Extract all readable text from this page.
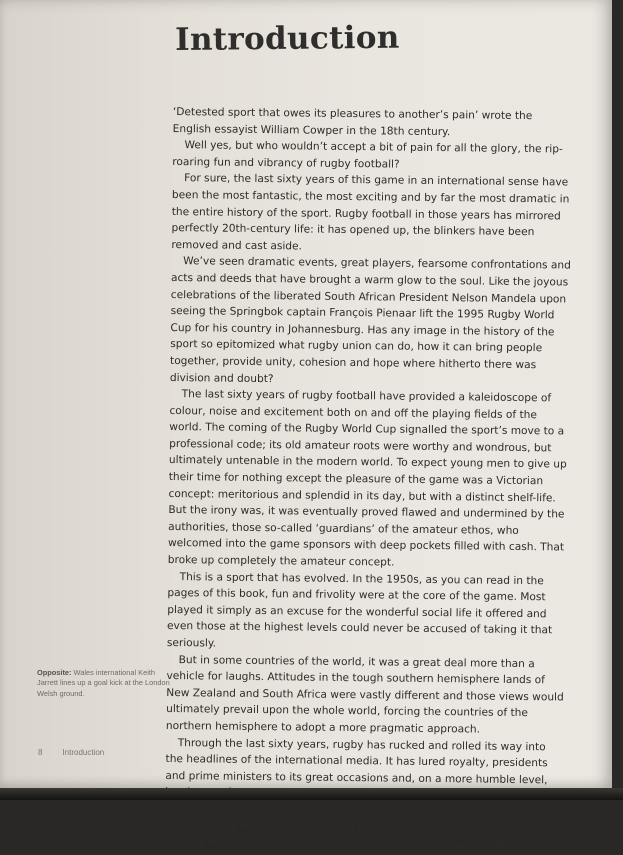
Introduction

‘Detested sport that owes its pleasures to another’s pain’ wrote the English essayist William Cowper in the 18th century.

Well yes, but who wouldn’t accept a bit of pain for all the glory, the rip-roaring fun and vibrancy of rugby football?

For sure, the last sixty years of this game in an international sense have been the most fantastic, the most exciting and by far the most dramatic in the entire history of the sport. Rugby football in those years has mirrored perfectly 20th-century life: it has opened up, the blinkers have been removed and cast aside.

We’ve seen dramatic events, great players, fearsome confrontations and acts and deeds that have brought a warm glow to the soul. Like the joyous celebrations of the liberated South African President Nelson Mandela upon seeing the Springbok captain François Pienaar lift the 1995 Rugby World Cup for his country in Johannesburg. Has any image in the history of the sport so epitomized what rugby union can do, how it can bring people together, provide unity, cohesion and hope where hitherto there was division and doubt?

The last sixty years of rugby football have provided a kaleidoscope of colour, noise and excitement both on and off the playing fields of the world. The coming of the Rugby World Cup signalled the sport’s move to a professional code; its old amateur roots were worthy and wondrous, but ultimately untenable in the modern world. To expect young men to give up their time for nothing except the pleasure of the game was a Victorian concept: meritorious and splendid in its day, but with a distinct shelf-life. But the irony was, it was eventually proved flawed and undermined by the authorities, those so-called ‘guardians’ of the amateur ethos, who welcomed into the game sponsors with deep pockets filled with cash. That broke up completely the amateur concept.

This is a sport that has evolved. In the 1950s, as you can read in the pages of this book, fun and frivolity were at the core of the game. Most played it simply as an excuse for the wonderful social life it offered and even those at the highest levels could never be accused of taking it that seriously.

But in some countries of the world, it was a great deal more than a vehicle for laughs. Attitudes in the tough southern hemisphere lands of New Zealand and South Africa were vastly different and those views would ultimately prevail upon the whole world, forcing the countries of the northern hemisphere to adopt a more pragmatic approach.

Through the last sixty years, rugby has rucked and rolled its way into the headlines of the international media. It has lured royalty, presidents and prime ministers to its great occasions and, on a more humble level, associated with this great game continue to do marvellous deeds on its behalf. Young men tragically injured or crippled by accidents on the playing field find friends they never knew existed, as people offer

Opposite: Wales international Keith Jarrett lines up a goal kick at the London Welsh ground.
8	Introduction
